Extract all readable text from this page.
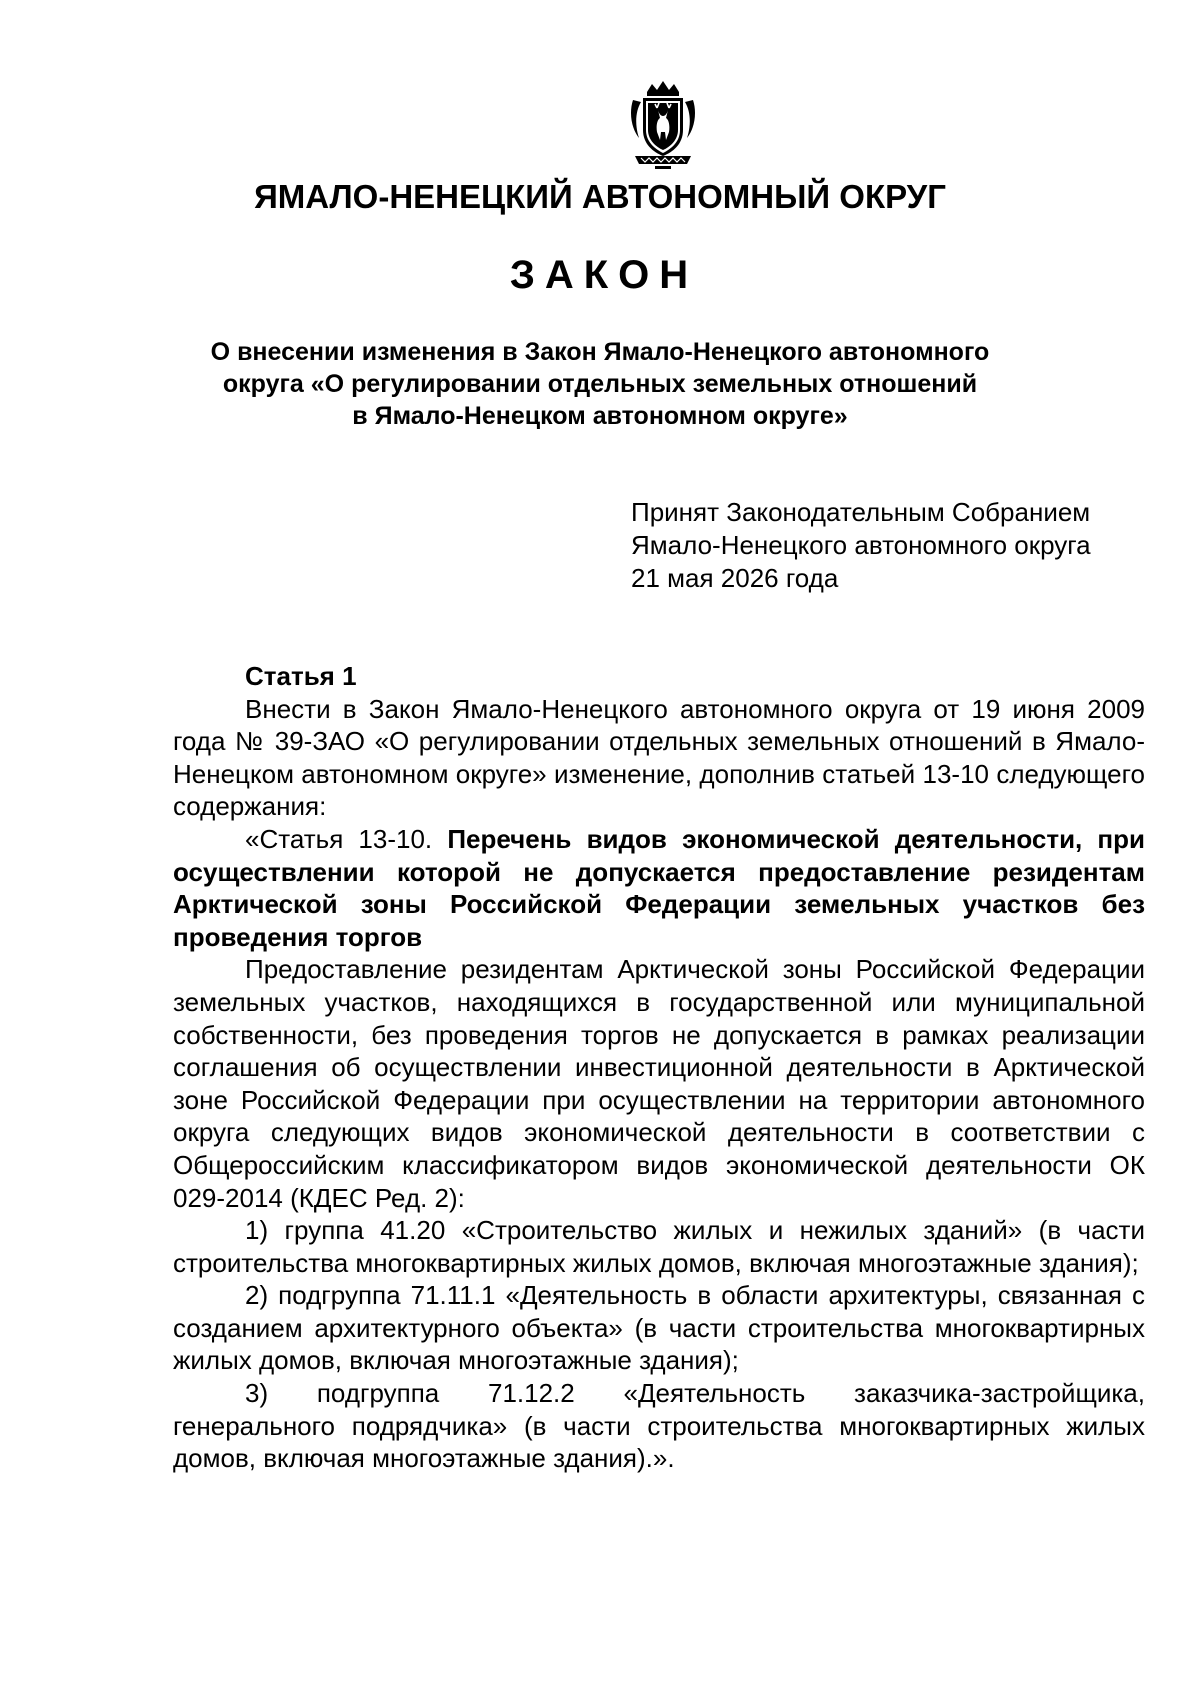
ЯМАЛО-НЕНЕЦКИЙ АВТОНОМНЫЙ ОКРУГ
ЗАКОН
О внесении изменения в Закон Ямало-Ненецкого автономного
округа «О регулировании отдельных земельных отношений
в Ямало-Ненецком автономном округе»
Принят Законодательным Собранием
Ямало-Ненецкого автономного округа
21 мая 2026 года

Статья 1

Внести в Закон Ямало-Ненецкого автономного округа от 19 июня 2009 года № 39-ЗАО «О регулировании отдельных земельных отношений в Ямало-Ненецком автономном округе» изменение, дополнив статьей 13-10 следующего содержания:

«Статья 13-10. Перечень видов экономической деятельности, при осуществлении которой не допускается предоставление резидентам Арктической зоны Российской Федерации земельных участков без проведения торгов

Предоставление резидентам Арктической зоны Российской Федерации земельных участков, находящихся в государственной или муниципальной собственности, без проведения торгов не допускается в рамках реализации соглашения об осуществлении инвестиционной деятельности в Арктической зоне Российской Федерации при осуществлении на территории автономного округа следующих видов экономической деятельности в соответствии с Общероссийским классификатором видов экономической деятельности ОК 029-2014 (КДЕС Ред. 2):

1) группа 41.20 «Строительство жилых и нежилых зданий» (в части строительства многоквартирных жилых домов, включая многоэтажные здания);

2) подгруппа 71.11.1 «Деятельность в области архитектуры, связанная с созданием архитектурного объекта» (в части строительства многоквартирных жилых домов, включая многоэтажные здания);

3) подгруппа 71.12.2 «Деятельность заказчика-застройщика, генерального подрядчика» (в части строительства многоквартирных жилых домов, включая многоэтажные здания).».
